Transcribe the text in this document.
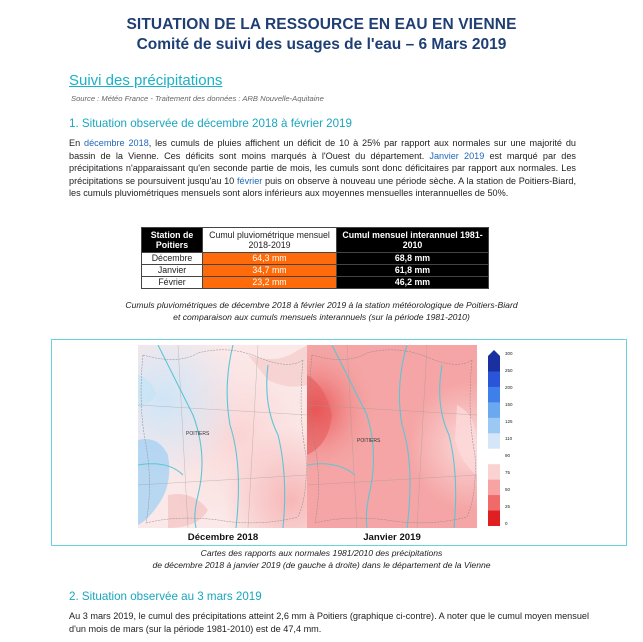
SITUATION DE LA RESSOURCE EN EAU EN VIENNE
Comité de suivi des usages de l'eau – 6 Mars 2019
Suivi des précipitations
Source : Météo France - Traitement des données : ARB Nouvelle-Aquitaine
1. Situation observée de décembre 2018 à février 2019
En décembre 2018, les cumuls de pluies affichent un déficit de 10 à 25% par rapport aux normales sur une majorité du bassin de la Vienne. Ces déficits sont moins marqués à l'Ouest du département. Janvier 2019 est marqué par des précipitations n'apparaissant qu'en seconde partie de mois, les cumuls sont donc déficitaires par rapport aux normales. Les précipitations se poursuivent jusqu'au 10 février puis on observe à nouveau une période sèche. A la station de Poitiers-Biard, les cumuls pluviométriques mensuels sont alors inférieurs aux moyennes mensuelles interannuelles de 50%.
Station de Poitiers	Cumul pluviométrique mensuel 2018-2019	Cumul mensuel interannuel 1981-2010
Décembre	64,3 mm	68,8 mm
Janvier	34,7 mm	61,8 mm
Février	23,2 mm	46,2 mm
Cumuls pluviométriques de décembre 2018 à février 2019 à la station météorologique de Poitiers-Biard
et comparaison aux cumuls mensuels interannuels (sur la période 1981-2010)
POITIERS
POITIERS
300
250
200
150
125
110
90
75
50
25
0
Décembre 2018	Janvier 2019
Cartes des rapports aux normales 1981/2010 des précipitations
de décembre 2018 à janvier 2019 (de gauche à droite) dans le département de la Vienne
2. Situation observée au 3 mars 2019
Au 3 mars 2019, le cumul des précipitations atteint 2,6 mm à Poitiers (graphique ci-contre). A noter que le cumul moyen mensuel d'un mois de mars (sur la période 1981-2010) est de 47,4 mm.
